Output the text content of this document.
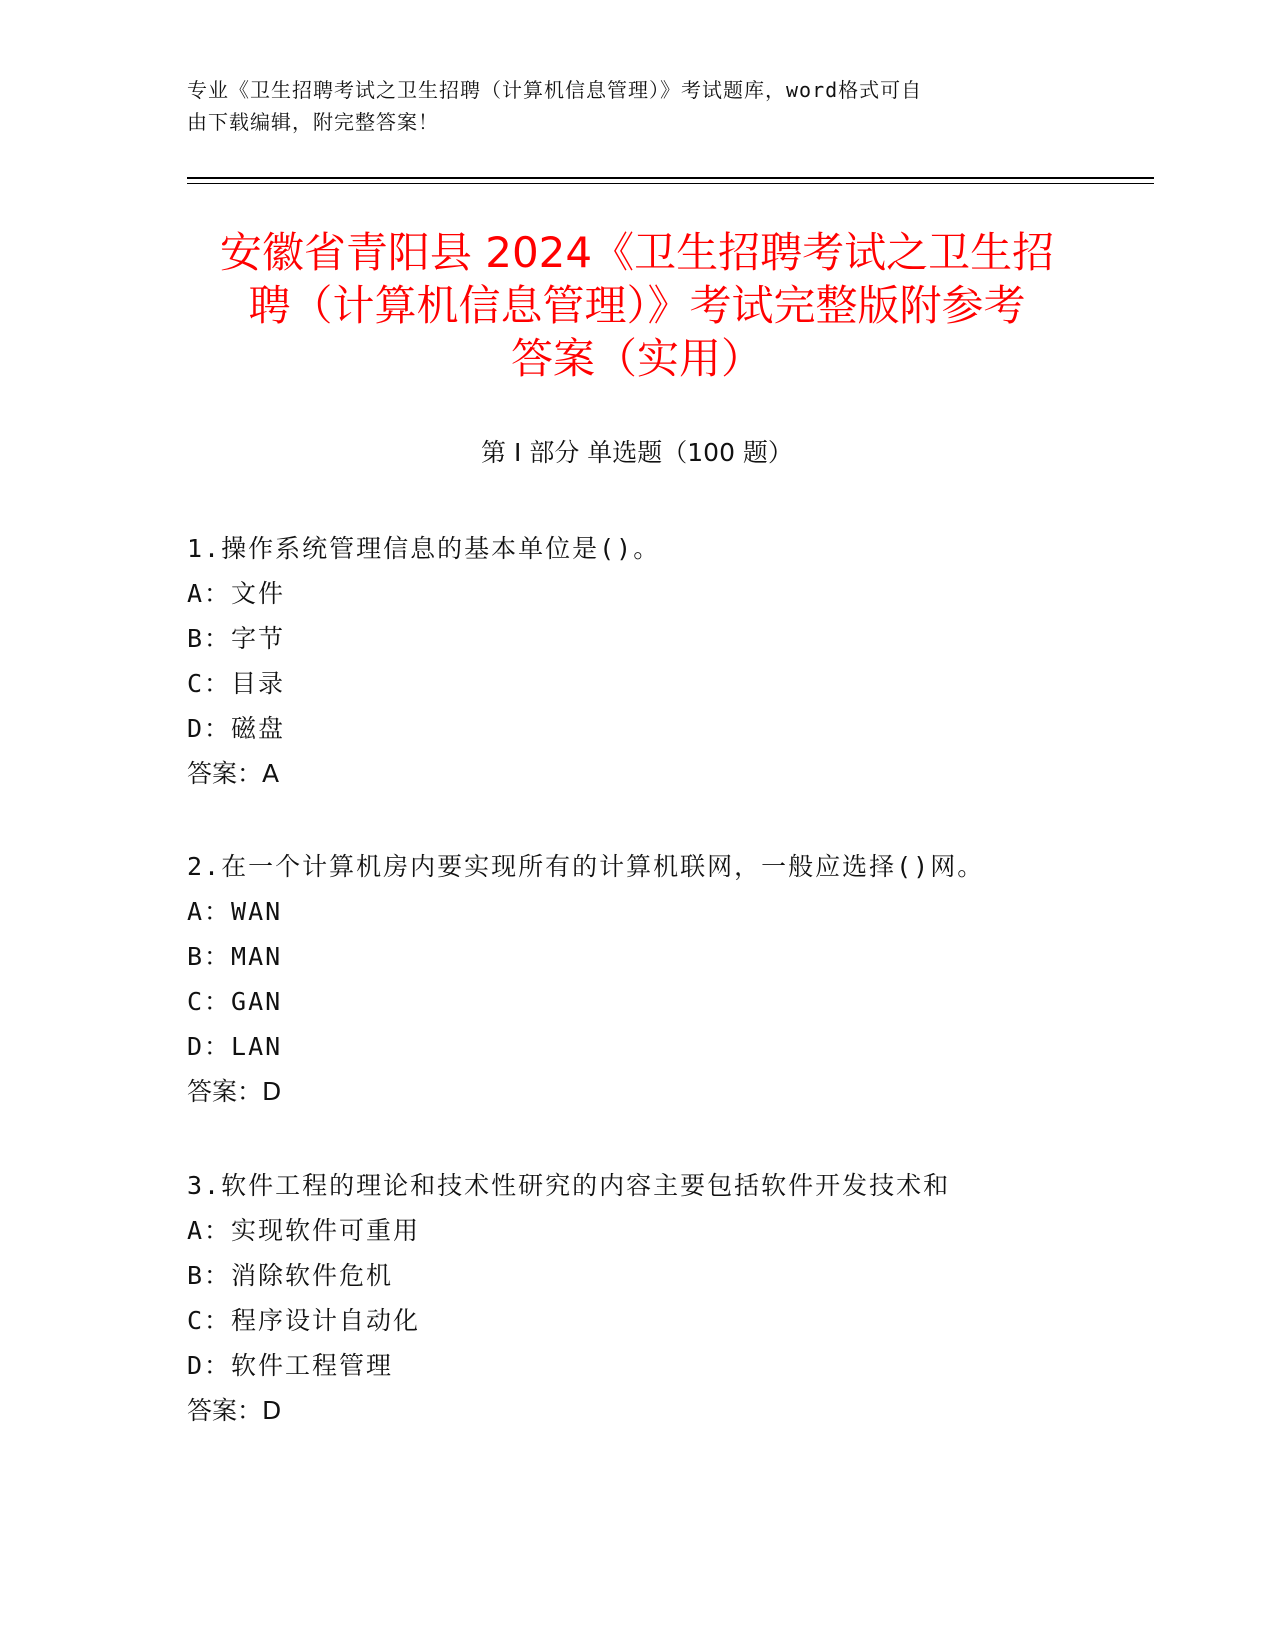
专业《卫生招聘考试之卫生招聘（计算机信息管理）》考试题库，word格式可自
由下载编辑，附完整答案！
安徽省青阳县 2024《卫生招聘考试之卫生招
聘（计算机信息管理）》考试完整版附参考
答案（实用）
第 I 部分 单选题（100 题）
1.操作系统管理信息的基本单位是()。
A：文件
B：字节
C：目录
D：磁盘
答案：A
2.在一个计算机房内要实现所有的计算机联网，一般应选择()网。
A：WAN
B：MAN
C：GAN
D：LAN
答案：D
3.软件工程的理论和技术性研究的内容主要包括软件开发技术和
A：实现软件可重用
B：消除软件危机
C：程序设计自动化
D：软件工程管理
答案：D
